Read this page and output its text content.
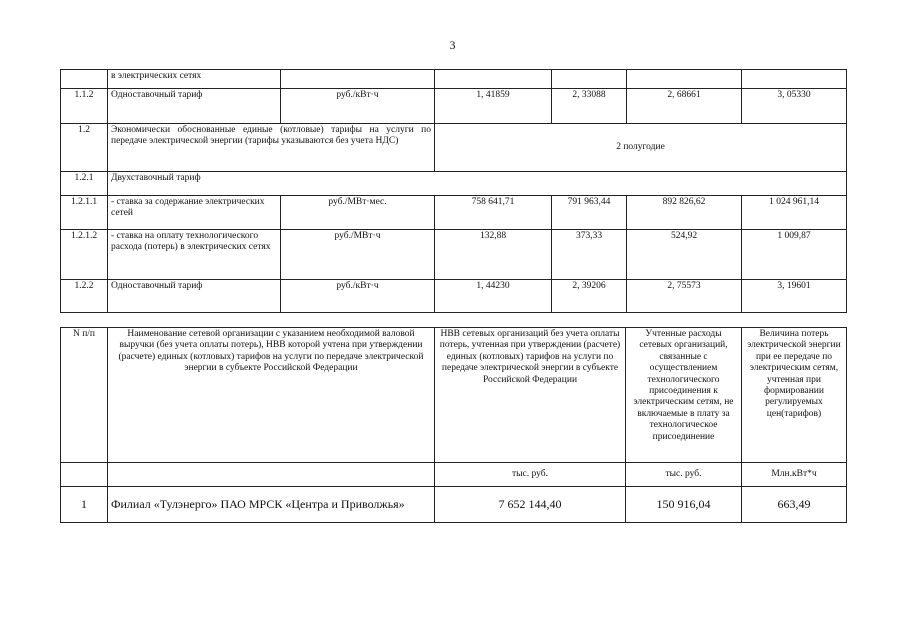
3
	в электрических сетях					
1.1.2	Одноставочный тариф	руб./кВт·ч	1, 41859	2, 33088	2, 68661	3, 05330
1.2	Экономически обоснованные единые (котловые) тарифы на услуги по передаче электрической энергии (тарифы указываются без учета НДС)		2 полугодие			
1.2.1	Двухставочный тариф					
1.2.1.1	- ставка за содержание электрических сетей	руб./МВт·мес.	758 641,71	791 963,44	892 826,62	1 024 961,14
1.2.1.2	- ставка на оплату технологического расхода (потерь) в электрических сетях	руб./МВт·ч	132,88	373,33	524,92	1 009,87
1.2.2	Одноставочный тариф	руб./кВт·ч	1, 44230	2, 39206	2, 75573	3, 19601
N п/п	Наименование сетевой организации с указанием необходимой валовой выручки (без учета оплаты потерь), НВВ которой учтена при утверждении (расчете) единых (котловых) тарифов на услуги по передаче электрической энергии в субъекте Российской Федерации	НВВ сетевых организаций без учета оплаты потерь, учтенная при утверждении (расчете) единых (котловых) тарифов на услуги по передаче электрической энергии в субъекте Российской Федерации	Учтенные расходы сетевых организаций, связанные с осуществлением технологического присоединения к электрическим сетям, не включаемые в плату за технологическое присоединение	Величина потерь электрической энергии при ее передаче по электрическим сетям, учтенная при формировании регулируемых цен(тарифов)
		тыс. руб.	тыс. руб.	Млн.кВт*ч
1	Филиал «Тулэнерго» ПАО МРСК «Центра и Приволжья»	7 652 144,40	150 916,04	663,49
